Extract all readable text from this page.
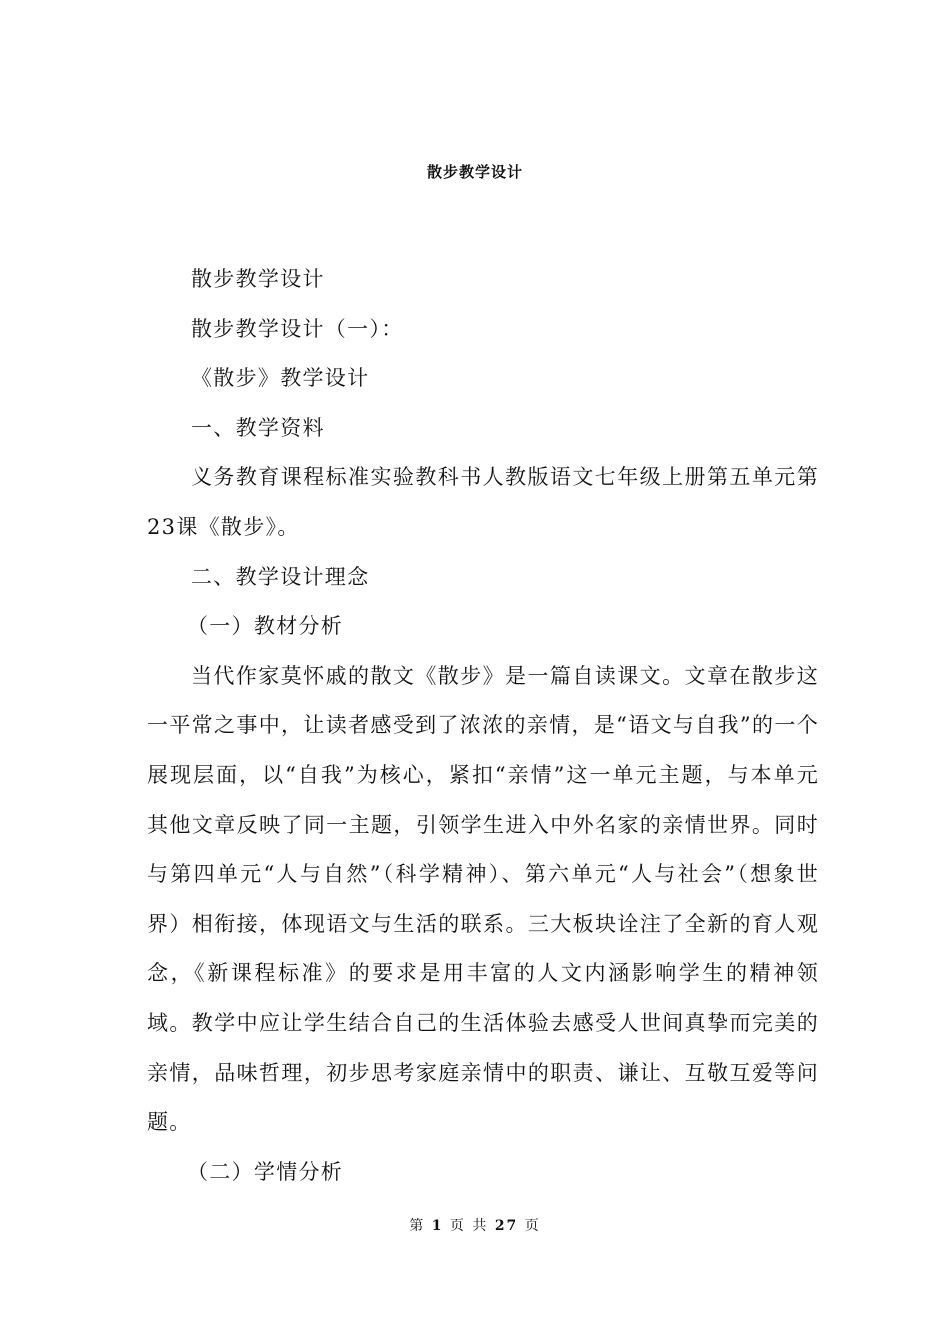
散步教学设计

散步教学设计

散步教学设计（一）：

《散步》教学设计

一、教学资料

义务教育课程标准实验教科书人教版语文七年级上册第五单元第23课《散步》。

二、教学设计理念

（一）教材分析

当代作家莫怀戚的散文《散步》是一篇自读课文。文章在散步这一平常之事中，让读者感受到了浓浓的亲情，是“语文与自我”的一个展现层面，以“自我”为核心，紧扣“亲情”这一单元主题，与本单元其他文章反映了同一主题，引领学生进入中外名家的亲情世界。同时与第四单元“人与自然”（科学精神）、第六单元“人与社会”（想象世界）相衔接，体现语文与生活的联系。三大板块诠注了全新的育人观念，《新课程标准》的要求是用丰富的人文内涵影响学生的精神领域。教学中应让学生结合自己的生活体验去感受人世间真挚而完美的亲情，品味哲理，初步思考家庭亲情中的职责、谦让、互敬互爱等问题。

（二）学情分析

第 1 页 共 27 页
